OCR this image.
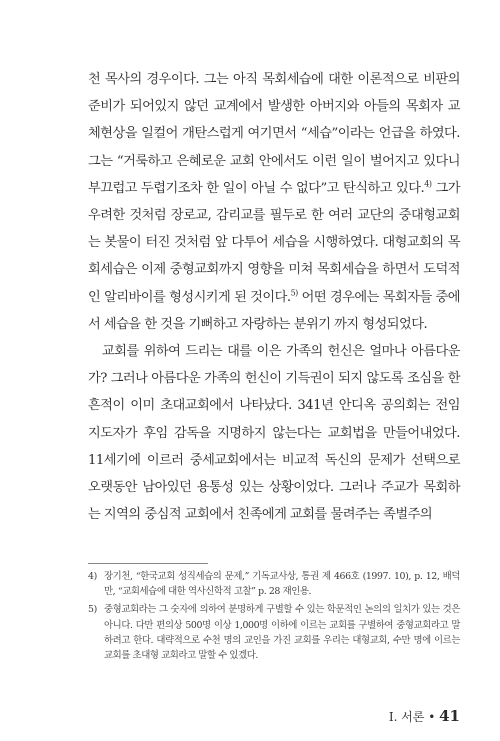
천 목사의 경우이다. 그는 아직 목회세습에 대한 이론적으로 비판의 준비가 되어있지 않던 교계에서 발생한 아버지와 아들의 목회자 교체현상을 일컬어 개탄스럽게 여기면서 “세습”이라는 언급을 하였다. 그는 “거룩하고 은혜로운 교회 안에서도 이런 일이 벌어지고 있다니 부끄럽고 두렵기조차 한 일이 아닐 수 없다”고 탄식하고 있다.$^{4)}$ 그가 우려한 것처럼 장로교, 감리교를 필두로 한 여러 교단의 중대형교회는 봇물이 터진 것처럼 앞 다투어 세습을 시행하였다. 대형교회의 목회세습은 이제 중형교회까지 영향을 미쳐 목회세습을 하면서 도덕적인 알리바이를 형성시키게 된 것이다.$^{5)}$ 어떤 경우에는 목회자들 중에서 세습을 한 것을 기뻐하고 자랑하는 분위기 까지 형성되었다.

교회를 위하여 드리는 대를 이은 가족의 헌신은 얼마나 아름다운가? 그러나 아름다운 가족의 헌신이 기득권이 되지 않도록 조심을 한 흔적이 이미 초대교회에서 나타났다. 341년 안디옥 공의회는 전임 지도자가 후임 감독을 지명하지 않는다는 교회법을 만들어내었다. 11세기에 이르러 중세교회에서는 비교적 독신의 문제가 선택으로 오랫동안 남아있던 용통성 있는 상황이었다. 그러나 주교가 목회하는 지역의 중심적 교회에서 친족에게 교회를 물려주는 족벌주의

4) 장기천, “한국교회 성직세습의 문제,” 기독교사상, 통권 제 466호 (1997. 10), p. 12, 배덕만, “교회세습에 대한 역사신학적 고찰” p. 28 재인용.
5) 중형교회라는 그 숫자에 의하여 분명하게 구별할 수 있는 학문적인 논의의 일치가 있는 것은 아니다. 다만 편의상 500명 이상 1,000명 이하에 이르는 교회를 구별하여 중형교회라고 말하려고 한다. 대략적으로 수천 명의 교인을 가진 교회를 우리는 대형교회, 수만 명에 이르는 교회를 초대형 교회라고 말할 수 있겠다.
I. 서론 • 41
